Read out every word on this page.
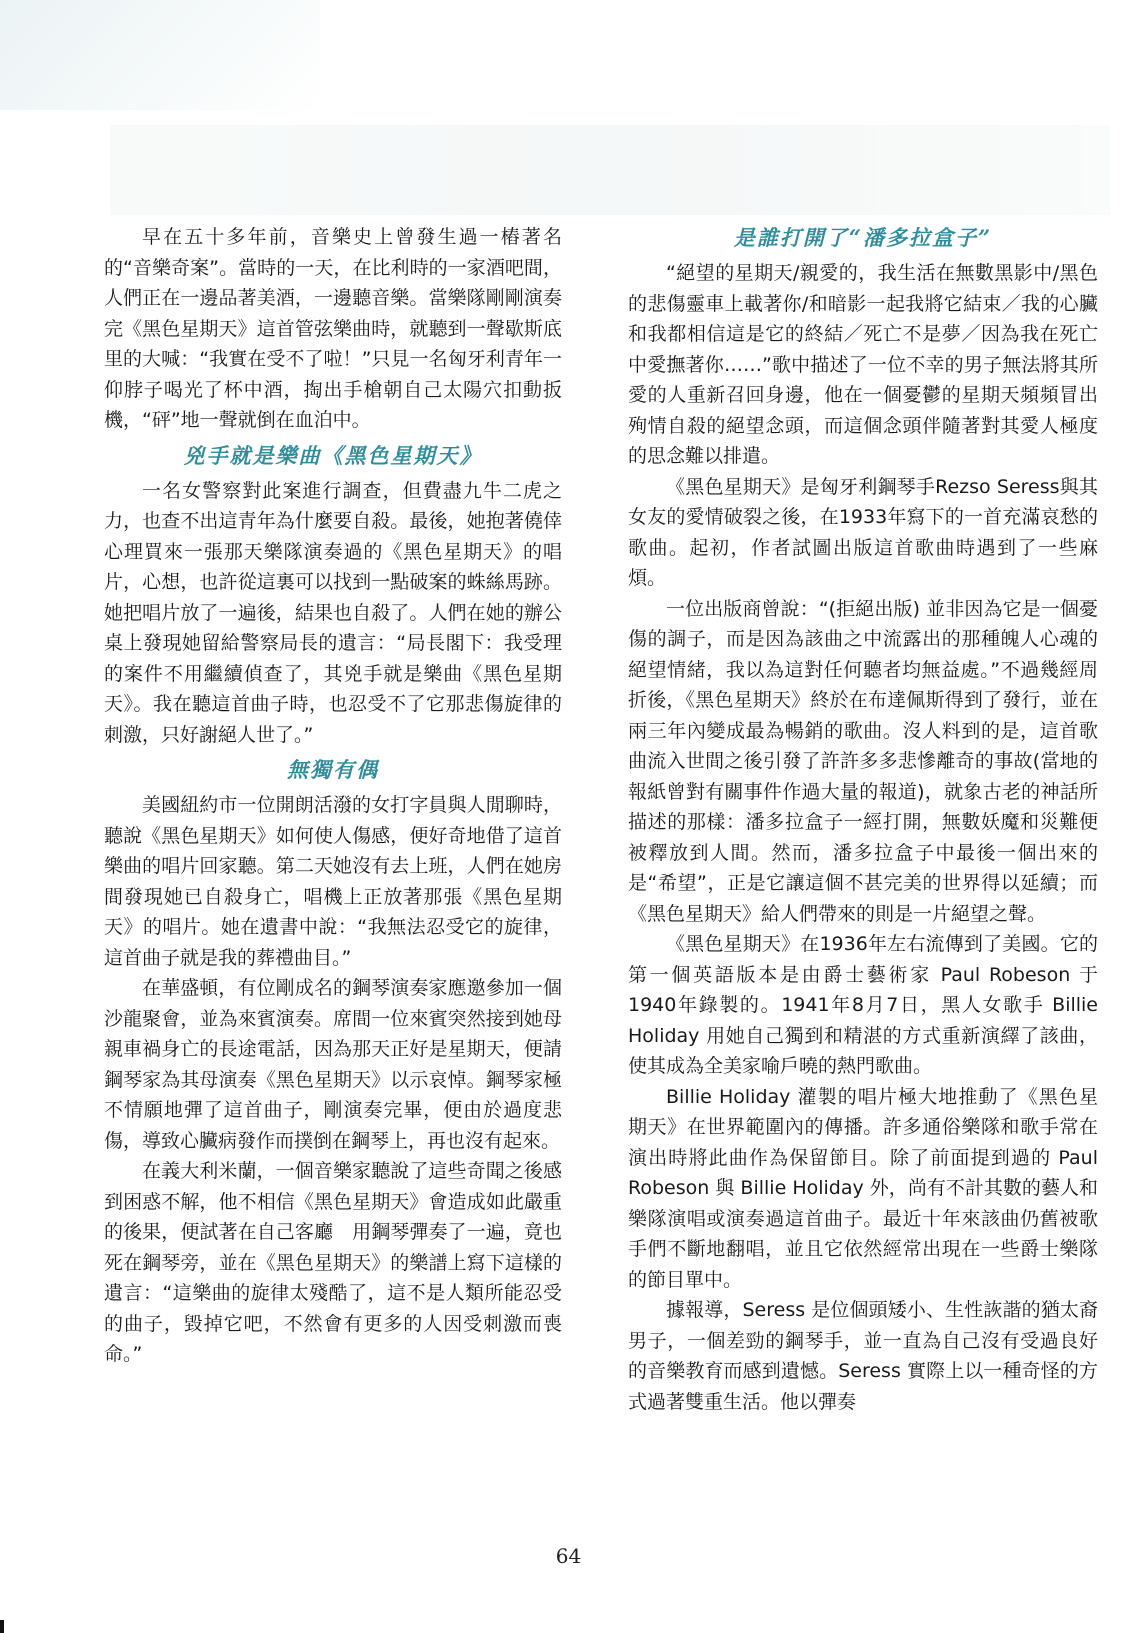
早在五十多年前，音樂史上曾發生過一樁著名的“音樂奇案”。當時的一天，在比利時的一家酒吧間，人們正在一邊品著美酒，一邊聽音樂。當樂隊剛剛演奏完《黑色星期天》這首管弦樂曲時，就聽到一聲歇斯底里的大喊：“我實在受不了啦！”只見一名匈牙利青年一仰脖子喝光了杯中酒，掏出手槍朝自己太陽穴扣動扳機，“砰”地一聲就倒在血泊中。

兇手就是樂曲《黑色星期天》

一名女警察對此案進行調查，但費盡九牛二虎之力，也查不出這青年為什麼要自殺。最後，她抱著僥倖心理買來一張那天樂隊演奏過的《黑色星期天》的唱片，心想，也許從這裏可以找到一點破案的蛛絲馬跡。她把唱片放了一遍後，結果也自殺了。人們在她的辦公桌上發現她留給警察局長的遺言：“局長閣下：我受理的案件不用繼續偵查了，其兇手就是樂曲《黑色星期天》。我在聽這首曲子時，也忍受不了它那悲傷旋律的刺激，只好謝絕人世了。”

無獨有偶

美國紐約市一位開朗活潑的女打字員與人閒聊時，聽說《黑色星期天》如何使人傷感，便好奇地借了這首樂曲的唱片回家聽。第二天她沒有去上班，人們在她房間發現她已自殺身亡，唱機上正放著那張《黑色星期天》的唱片。她在遺書中說：“我無法忍受它的旋律，這首曲子就是我的葬禮曲目。”

在華盛頓，有位剛成名的鋼琴演奏家應邀參加一個沙龍聚會，並為來賓演奏。席間一位來賓突然接到她母親車禍身亡的長途電話，因為那天正好是星期天，便請鋼琴家為其母演奏《黑色星期天》以示哀悼。鋼琴家極不情願地彈了這首曲子，剛演奏完畢，便由於過度悲傷，導致心臟病發作而撲倒在鋼琴上，再也沒有起來。

在義大利米蘭，一個音樂家聽說了這些奇聞之後感到困惑不解，他不相信《黑色星期天》會造成如此嚴重的後果，便試著在自己客廳　用鋼琴彈奏了一遍，竟也死在鋼琴旁，並在《黑色星期天》的樂譜上寫下這樣的遺言：“這樂曲的旋律太殘酷了，這不是人類所能忍受的曲子，毀掉它吧，不然會有更多的人因受刺激而喪命。”

是誰打開了“潘多拉盒子”

“絕望的星期天/親愛的，我生活在無數黑影中/黑色的悲傷靈車上載著你/和暗影一起我將它結束／我的心臟和我都相信這是它的終結／死亡不是夢／因為我在死亡中愛撫著你……”歌中描述了一位不幸的男子無法將其所愛的人重新召回身邊，他在一個憂鬱的星期天頻頻冒出殉情自殺的絕望念頭，而這個念頭伴隨著對其愛人極度的思念難以排遣。

《黑色星期天》是匈牙利鋼琴手Rezso Seress與其女友的愛情破裂之後，在1933年寫下的一首充滿哀愁的歌曲。起初，作者試圖出版這首歌曲時遇到了一些麻煩。

一位出版商曾說：“(拒絕出版) 並非因為它是一個憂傷的調子，而是因為該曲之中流露出的那種魄人心魂的絕望情緒，我以為這對任何聽者均無益處。”不過幾經周折後，《黑色星期天》終於在布達佩斯得到了發行，並在兩三年內變成最為暢銷的歌曲。沒人料到的是，這首歌曲流入世間之後引發了許許多多悲慘離奇的事故(當地的報紙曾對有關事件作過大量的報道)，就象古老的神話所描述的那樣：潘多拉盒子一經打開，無數妖魔和災難便被釋放到人間。然而，潘多拉盒子中最後一個出來的是“希望”，正是它讓這個不甚完美的世界得以延續；而《黑色星期天》給人們帶來的則是一片絕望之聲。

《黑色星期天》在1936年左右流傳到了美國。它的第一個英語版本是由爵士藝術家 Paul Robeson 于1940年錄製的。1941年8月7日，黑人女歌手 Billie Holiday 用她自己獨到和精湛的方式重新演繹了該曲，使其成為全美家喻戶曉的熱門歌曲。

Billie Holiday 灌製的唱片極大地推動了《黑色星期天》在世界範圍內的傳播。許多通俗樂隊和歌手常在演出時將此曲作為保留節目。除了前面提到過的 Paul Robeson 與 Billie Holiday 外，尚有不計其數的藝人和樂隊演唱或演奏過這首曲子。最近十年來該曲仍舊被歌手們不斷地翻唱，並且它依然經常出現在一些爵士樂隊的節目單中。

據報導，Seress 是位個頭矮小、生性詼諧的猶太裔男子，一個差勁的鋼琴手，並一直為自己沒有受過良好的音樂教育而感到遺憾。Seress 實際上以一種奇怪的方式過著雙重生活。他以彈奏

64
